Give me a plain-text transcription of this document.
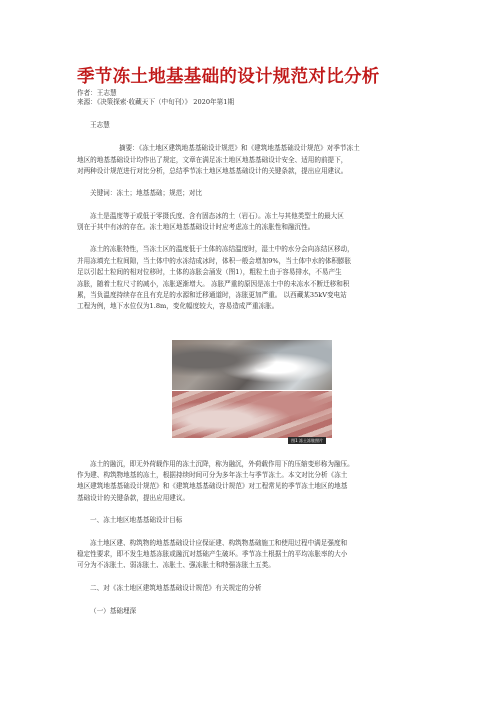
季节冻土地基基础的设计规范对比分析
作者：王志慧
来源：《决策探索·收藏天下（中旬刊）》 2020年第1期
王志慧
摘要：《冻土地区建筑地基基础设计规范》和《建筑地基基础设计规范》对季节冻土
地区的地基基础设计均作出了规定，文章在满足冻土地区地基基础设计安全、适用的前提下，
对两种设计规范进行对比分析，总结季节冻土地区地基基础设计的关键条款，提出应用建议。
关键词：冻土；地基基础；规范；对比
冻土是温度等于或低于零摄氏度、含有固态冰的土（岩石）。冻土与其他类型土的最大区
别在于其中有冰的存在。冻土地区地基基础设计时应考虑冻土的冻胀性和融沉性。
冻土的冻胀特性，当冻土区的温度低于土体的冻结温度时，湿土中的水分会向冻结区移动，
并用冻填充土粒间隙，当土体中的水冻结成冰时，体积一般会增加9%，当土体中水的体积膨胀
足以引起土粒间的相对位移时，土体的冻胀会涌发（图1），粗粒土由于容易排水，不易产生
冻胀，随着土粒尺寸的减小，冻胀逐渐增大。 冻胀严重的原因是冻土中的未冻水不断迁移和积
累，当负温度持续存在且有充足的水源和迁移通道时，冻胀更加严重。 以西藏某35kV变电站
工程为例，地下水位仅为1.8m，变化幅度较大，容易造成严重冻胀。
图1 冻土冻胀照片
冻土的融沉，即无外荷载作用的冻土沉降，称为融沉，外荷载作用下的压缩变形称为融压。
作为建、构筑物地基的冻土，根据持续时间可分为多年冻土与季节冻土。本文对比分析《冻土
地区建筑地基基础设计规范》和《建筑地基基础设计规范》对工程常见的季节冻土地区的地基
基础设计的关键条款，提出应用建议。
一、冻土地区地基基础设计目标
冻土地区建、构筑物的地基基础设计应保证建、构筑物基础施工和使用过程中满足强度和
稳定性要求，即不发生地基冻胀或融沉对基础产生破坏。季节冻土根据土的平均冻胀率的大小
可分为不冻胀土、弱冻胀土、冻胀土、强冻胀土和特强冻胀土五类。
二、对《冻土地区建筑地基基础设计规范》有关规定的分析
（一）基础埋深
